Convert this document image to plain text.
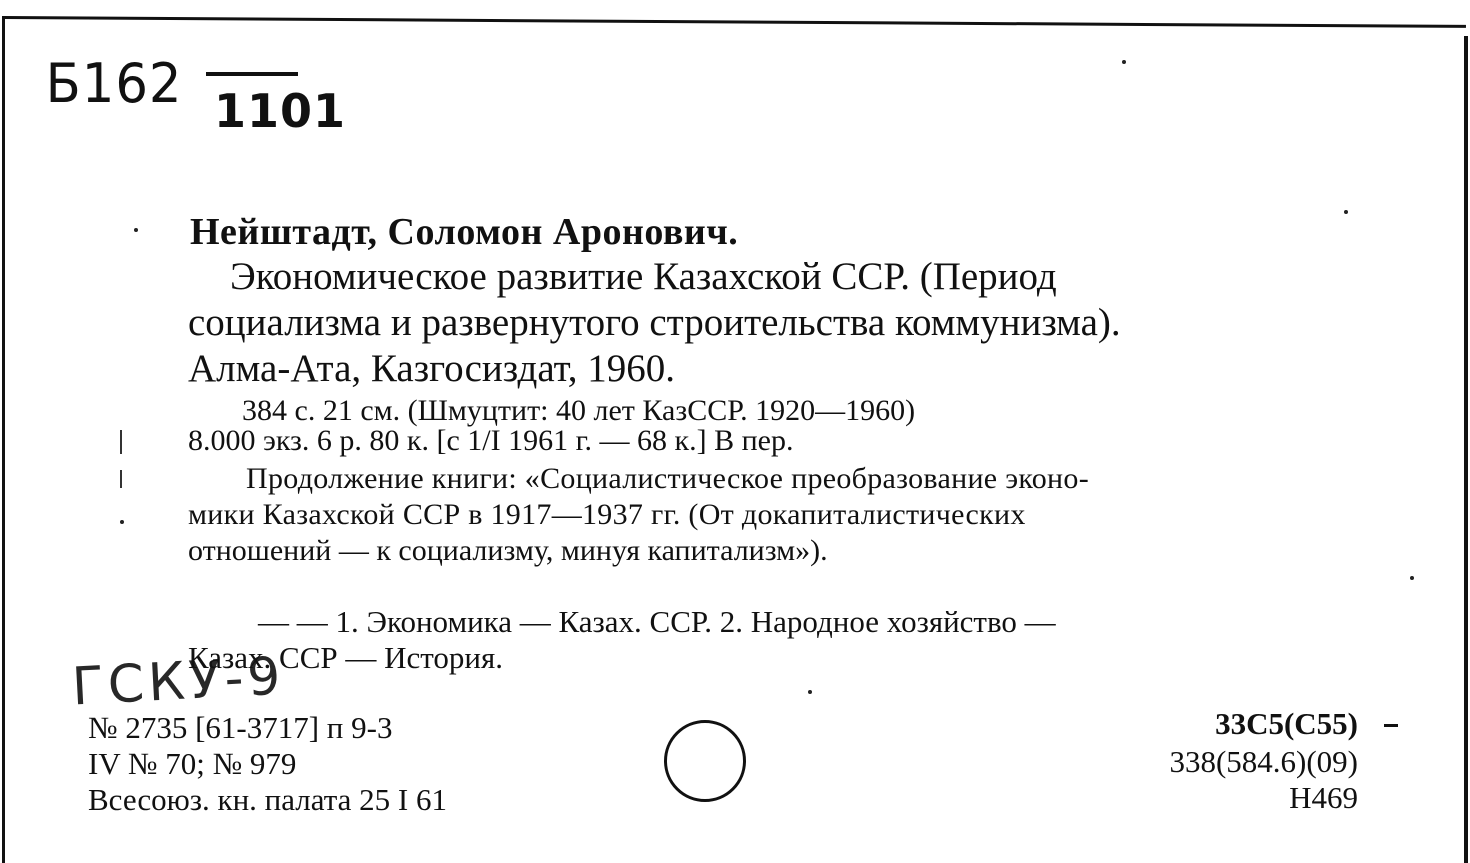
Б162 1101
Нейштадт, Соломон Аронович.
Экономическое развитие Казахской ССР. (Период
социализма и развернутого строительства коммунизма).
Алма-Ата, Казгосиздат, 1960.
384 с. 21 см. (Шмуцтит: 40 лет КазССР. 1920—1960)
8.000 экз. 6 р. 80 к. [с 1/I 1961 г. — 68 к.] В пер.
Продолжение книги: «Социалистическое преобразование эконо-
мики Казахской ССР в 1917—1937 гг. (От докапиталистических
отношений — к социализму, минуя капитализм»).
— — 1. Экономика — Казах. ССР. 2. Народное хозяйство —
Казах. ССР — История.
ГСКУ-9
№ 2735 [61-3717] п 9-3
IV № 70; № 979
Всесоюз. кн. палата 25 I 61
33C5(C55)
338(584.6)(09)
H469
